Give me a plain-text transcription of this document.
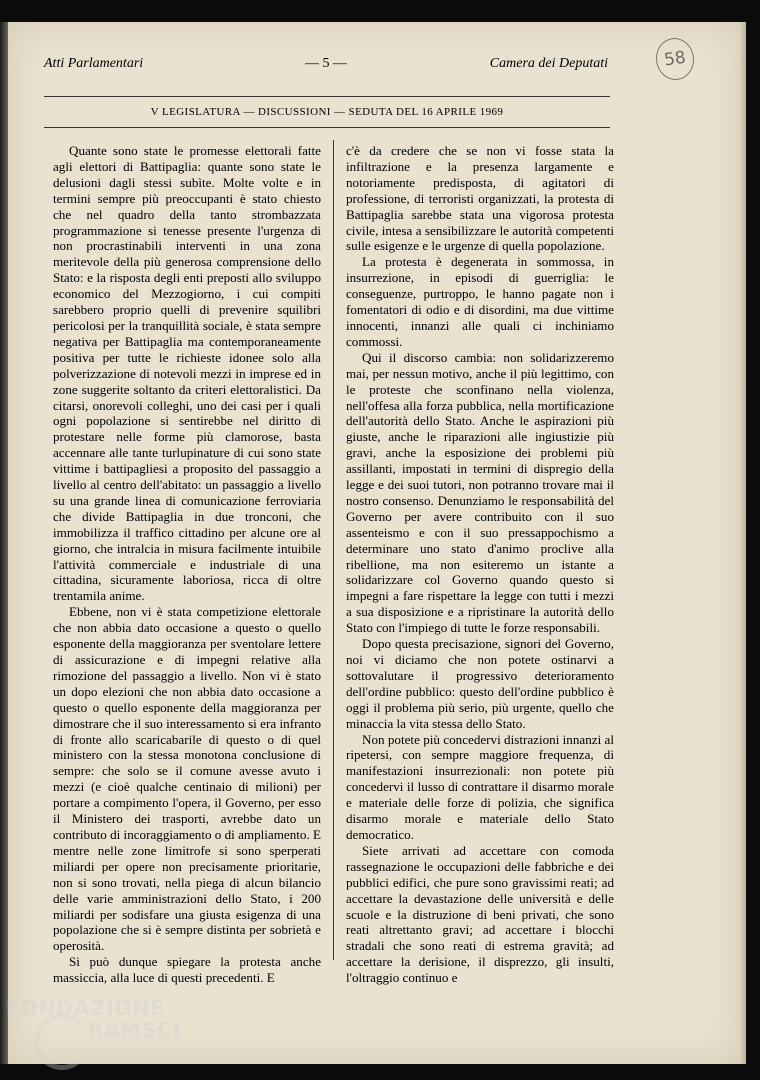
58
Atti Parlamentari	— 5 —	Camera dei Deputati
V LEGISLATURA — DISCUSSIONI — SEDUTA DEL 16 APRILE 1969

Quante sono state le promesse elettorali fatte agli elettori di Battipaglia: quante sono state le delusioni dagli stessi subìte. Molte volte e in termini sempre più preoccupanti è stato chiesto che nel quadro della tanto strombazzata programmazione si tenesse presente l'urgenza di non procrastinabili interventi in una zona meritevole della più generosa comprensione dello Stato: e la risposta degli enti preposti allo sviluppo economico del Mezzogiorno, i cui compiti sarebbero proprio quelli di prevenire squilibri pericolosi per la tranquillità sociale, è stata sempre negativa per Battipaglia ma contemporaneamente positiva per tutte le richieste idonee solo alla polverizzazione di notevoli mezzi in imprese ed in zone suggerite soltanto da criteri elettoralistici. Da citarsi, onorevoli colleghi, uno dei casi per i quali ogni popolazione si sentirebbe nel diritto di protestare nelle forme più clamorose, basta accennare alle tante turlupinature di cui sono state vittime i battipagliesi a proposito del passaggio a livello al centro dell'abitato: un passaggio a livello su una grande linea di comunicazione ferroviaria che divide Battipaglia in due tronconi, che immobilizza il traffico cittadino per alcune ore al giorno, che intralcia in misura facilmente intuibile l'attività commerciale e industriale di una cittadina, sicuramente laboriosa, ricca di oltre trentamila anime.

Ebbene, non vi è stata competizione elettorale che non abbia dato occasione a questo o quello esponente della maggioranza per sventolare lettere di assicurazione e di impegni relative alla rimozione del passaggio a livello. Non vi è stato un dopo elezioni che non abbia dato occasione a questo o quello esponente della maggioranza per dimostrare che il suo interessamento si era infranto di fronte allo scaricabarile di questo o di quel ministero con la stessa monotona conclusione di sempre: che solo se il comune avesse avuto i mezzi (e cioè qualche centinaio di milioni) per portare a compimento l'opera, il Governo, per esso il Ministero dei trasporti, avrebbe dato un contributo di incoraggiamento o di ampliamento. E mentre nelle zone limitrofe si sono sperperati miliardi per opere non precisamente prioritarie, non si sono trovati, nella piega di alcun bilancio delle varie amministrazioni dello Stato, i 200 miliardi per sodisfare una giusta esigenza di una popolazione che si è sempre distinta per sobrietà e operosità.

Si può dunque spiegare la protesta anche massiccia, alla luce di questi precedenti. E

c'è da credere che se non vi fosse stata la infiltrazione e la presenza largamente e notoriamente predisposta, di agitatori di professione, di terroristi organizzati, la protesta di Battipaglia sarebbe stata una vigorosa protesta civile, intesa a sensibilizzare le autorità competenti sulle esigenze e le urgenze di quella popolazione.

La protesta è degenerata in sommossa, in insurrezione, in episodi di guerriglia: le conseguenze, purtroppo, le hanno pagate non i fomentatori di odio e di disordini, ma due vittime innocenti, innanzi alle quali ci inchiniamo commossi.

Qui il discorso cambia: non solidarizzeremo mai, per nessun motivo, anche il più legittimo, con le proteste che sconfinano nella violenza, nell'offesa alla forza pubblica, nella mortificazione dell'autorità dello Stato. Anche le aspirazioni più giuste, anche le riparazioni alle ingiustizie più gravi, anche la esposizione dei problemi più assillanti, impostati in termini di dispregio della legge e dei suoi tutori, non potranno trovare mai il nostro consenso. Denunziamo le responsabilità del Governo per avere contribuito con il suo assenteismo e con il suo pressappochismo a determinare uno stato d'animo proclive alla ribellione, ma non esiteremo un istante a solidarizzare col Governo quando questo si impegni a fare rispettare la legge con tutti i mezzi a sua disposizione e a ripristinare la autorità dello Stato con l'impiego di tutte le forze responsabili.

Dopo questa precisazione, signori del Governo, noi vi diciamo che non potete ostinarvi a sottovalutare il progressivo deterioramento dell'ordine pubblico: questo dell'ordine pubblico è oggi il problema più serio, più urgente, quello che minaccia la vita stessa dello Stato.

Non potete più concedervi distrazioni innanzi al ripetersi, con sempre maggiore frequenza, di manifestazioni insurrezionali: non potete più concedervi il lusso di contrattare il disarmo morale e materiale delle forze di polizia, che significa disarmo morale e materiale dello Stato democratico.

Siete arrivati ad accettare con comoda rassegnazione le occupazioni delle fabbriche e dei pubblici edifici, che pure sono gravissimi reati; ad accettare la devastazione delle università e delle scuole e la distruzione di beni privati, che sono reati altrettanto gravi; ad accettare i blocchi stradali che sono reati di estrema gravità; ad accettare la derisione, il disprezzo, gli insulti, l'oltraggio continuo e

FONDAZIONE
RAMSCI
onlus
